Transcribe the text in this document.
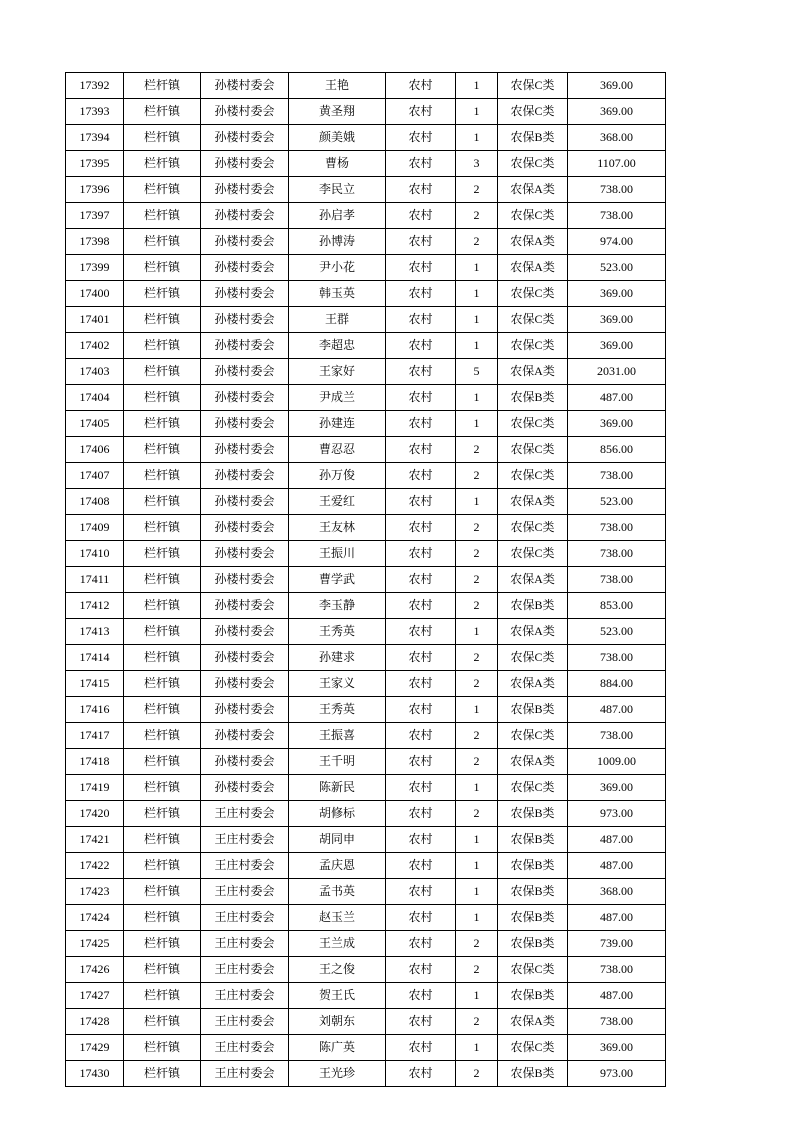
17392	栏杆镇	孙楼村委会	王艳	农村	1	农保C类	369.00
17393	栏杆镇	孙楼村委会	黄圣翔	农村	1	农保C类	369.00
17394	栏杆镇	孙楼村委会	颜美娥	农村	1	农保B类	368.00
17395	栏杆镇	孙楼村委会	曹杨	农村	3	农保C类	1107.00
17396	栏杆镇	孙楼村委会	李民立	农村	2	农保A类	738.00
17397	栏杆镇	孙楼村委会	孙启孝	农村	2	农保C类	738.00
17398	栏杆镇	孙楼村委会	孙博涛	农村	2	农保A类	974.00
17399	栏杆镇	孙楼村委会	尹小花	农村	1	农保A类	523.00
17400	栏杆镇	孙楼村委会	韩玉英	农村	1	农保C类	369.00
17401	栏杆镇	孙楼村委会	王群	农村	1	农保C类	369.00
17402	栏杆镇	孙楼村委会	李超忠	农村	1	农保C类	369.00
17403	栏杆镇	孙楼村委会	王家好	农村	5	农保A类	2031.00
17404	栏杆镇	孙楼村委会	尹成兰	农村	1	农保B类	487.00
17405	栏杆镇	孙楼村委会	孙建连	农村	1	农保C类	369.00
17406	栏杆镇	孙楼村委会	曹忍忍	农村	2	农保C类	856.00
17407	栏杆镇	孙楼村委会	孙万俊	农村	2	农保C类	738.00
17408	栏杆镇	孙楼村委会	王爱红	农村	1	农保A类	523.00
17409	栏杆镇	孙楼村委会	王友林	农村	2	农保C类	738.00
17410	栏杆镇	孙楼村委会	王振川	农村	2	农保C类	738.00
17411	栏杆镇	孙楼村委会	曹学武	农村	2	农保A类	738.00
17412	栏杆镇	孙楼村委会	李玉静	农村	2	农保B类	853.00
17413	栏杆镇	孙楼村委会	王秀英	农村	1	农保A类	523.00
17414	栏杆镇	孙楼村委会	孙建求	农村	2	农保C类	738.00
17415	栏杆镇	孙楼村委会	王家义	农村	2	农保A类	884.00
17416	栏杆镇	孙楼村委会	王秀英	农村	1	农保B类	487.00
17417	栏杆镇	孙楼村委会	王振喜	农村	2	农保C类	738.00
17418	栏杆镇	孙楼村委会	王千明	农村	2	农保A类	1009.00
17419	栏杆镇	孙楼村委会	陈新民	农村	1	农保C类	369.00
17420	栏杆镇	王庄村委会	胡修标	农村	2	农保B类	973.00
17421	栏杆镇	王庄村委会	胡同申	农村	1	农保B类	487.00
17422	栏杆镇	王庄村委会	孟庆恩	农村	1	农保B类	487.00
17423	栏杆镇	王庄村委会	孟书英	农村	1	农保B类	368.00
17424	栏杆镇	王庄村委会	赵玉兰	农村	1	农保B类	487.00
17425	栏杆镇	王庄村委会	王兰成	农村	2	农保B类	739.00
17426	栏杆镇	王庄村委会	王之俊	农村	2	农保C类	738.00
17427	栏杆镇	王庄村委会	贺王氏	农村	1	农保B类	487.00
17428	栏杆镇	王庄村委会	刘朝东	农村	2	农保A类	738.00
17429	栏杆镇	王庄村委会	陈广英	农村	1	农保C类	369.00
17430	栏杆镇	王庄村委会	王光珍	农村	2	农保B类	973.00
